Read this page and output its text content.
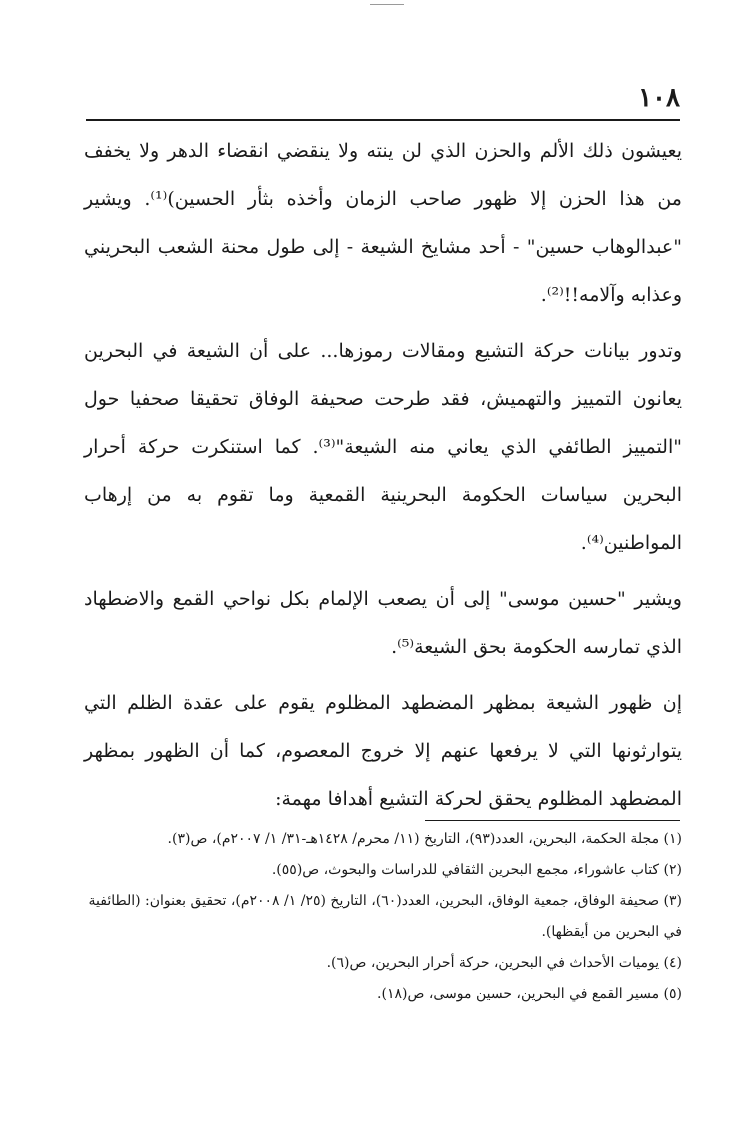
١٠٨

يعيشون ذلك الألم والحزن الذي لن ينته ولا ينقضي انقضاء الدهر ولا يخفف من هذا الحزن إلا ظهور صاحب الزمان وأخذه بثأر الحسين)⁽¹⁾. ويشير "عبدالوهاب حسين" - أحد مشايخ الشيعة - إلى طول محنة الشعب البحريني وعذابه وآلامه!!⁽²⁾.

وتدور بيانات حركة التشيع ومقالات رموزها... على أن الشيعة في البحرين يعانون التمييز والتهميش، فقد طرحت صحيفة الوفاق تحقيقا صحفيا حول "التمييز الطائفي الذي يعاني منه الشيعة"⁽³⁾. كما استنكرت حركة أحرار البحرين سياسات الحكومة البحرينية القمعية وما تقوم به من إرهاب المواطنين⁽⁴⁾.

ويشير "حسين موسى" إلى أن يصعب الإلمام بكل نواحي القمع والاضطهاد الذي تمارسه الحكومة بحق الشيعة⁽⁵⁾.

إن ظهور الشيعة بمظهر المضطهد المظلوم يقوم على عقدة الظلم التي يتوارثونها التي لا يرفعها عنهم إلا خروج المعصوم، كما أن الظهور بمظهر المضطهد المظلوم يحقق لحركة التشيع أهدافا مهمة:

(١) مجلة الحكمة، البحرين، العدد(٩٣)، التاريخ (١١/ محرم/ ١٤٢٨هـ-٣١/ ١/ ٢٠٠٧م)، ص(٣).

(٢) كتاب عاشوراء، مجمع البحرين الثقافي للدراسات والبحوث، ص(٥٥).

(٣) صحيفة الوفاق، جمعية الوفاق، البحرين، العدد(٦٠)، التاريخ (٢٥/ ١/ ٢٠٠٨م)، تحقيق بعنوان: (الطائفية في البحرين من أيقظها).

(٤) يوميات الأحداث في البحرين، حركة أحرار البحرين، ص(٦).

(٥) مسير القمع في البحرين، حسين موسى، ص(١٨).
